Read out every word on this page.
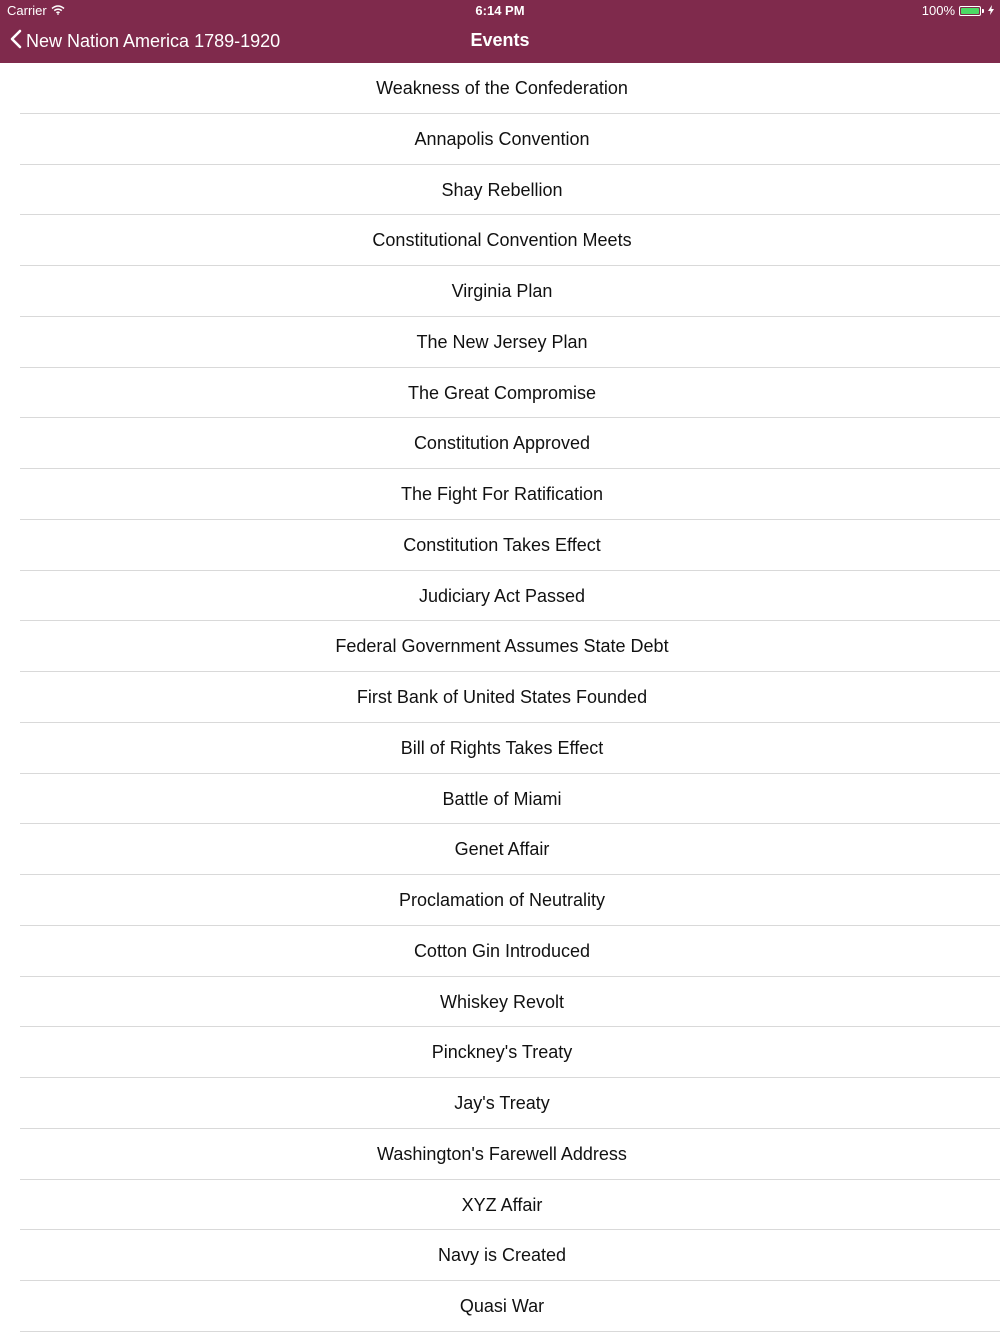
Carrier	6:14 PM	100%
New Nation America 1789-1920	Events
Weakness of the Confederation
Annapolis Convention
Shay Rebellion
Constitutional Convention Meets
Virginia Plan
The New Jersey Plan
The Great Compromise
Constitution Approved
The Fight For Ratification
Constitution Takes Effect
Judiciary Act Passed
Federal Government Assumes State Debt
First Bank of United States Founded
Bill of Rights Takes Effect
Battle of Miami
Genet Affair
Proclamation of Neutrality
Cotton Gin Introduced
Whiskey Revolt
Pinckney's Treaty
Jay's Treaty
Washington's Farewell Address
XYZ Affair
Navy is Created
Quasi War
